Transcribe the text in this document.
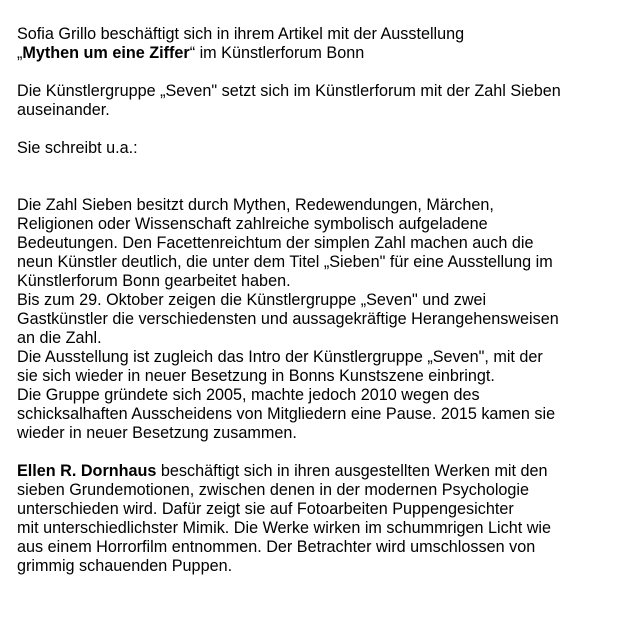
Sofia Grillo beschäftigt sich in ihrem Artikel mit der Ausstellung
„Mythen um eine Ziffer“ im Künstlerforum Bonn
Die Künstlergruppe „Seven" setzt sich im Künstlerforum mit der Zahl Sieben
auseinander.
Sie schreibt u.a.:
Die Zahl Sieben besitzt durch Mythen, Redewendungen, Märchen,
Religionen oder Wissenschaft zahlreiche symbolisch aufgeladene
Bedeutungen. Den Facettenreichtum der simplen Zahl machen auch die
neun Künstler deutlich, die unter dem Titel „Sieben" für eine Ausstellung im
Künstlerforum Bonn gearbeitet haben.
Bis zum 29. Oktober zeigen die Künstlergruppe „Seven" und zwei
Gastkünstler die verschiedensten und aussagekräftige Herangehensweisen
an die Zahl.
Die Ausstellung ist zugleich das Intro der Künstlergruppe „Seven", mit der
sie sich wieder in neuer Besetzung in Bonns Kunstszene einbringt.
Die Gruppe gründete sich 2005, machte jedoch 2010 wegen des
schicksalhaften Ausscheidens von Mitgliedern eine Pause. 2015 kamen sie
wieder in neuer Besetzung zusammen.
Ellen R. Dornhaus beschäftigt sich in ihren ausgestellten Werken mit den
sieben Grundemotionen, zwischen denen in der modernen Psychologie
unterschieden wird. Dafür zeigt sie auf Fotoarbeiten Puppengesichter
mit unterschiedlichster Mimik. Die Werke wirken im schummrigen Licht wie
aus einem Horrorfilm entnommen. Der Betrachter wird umschlossen von
grimmig schauenden Puppen.
